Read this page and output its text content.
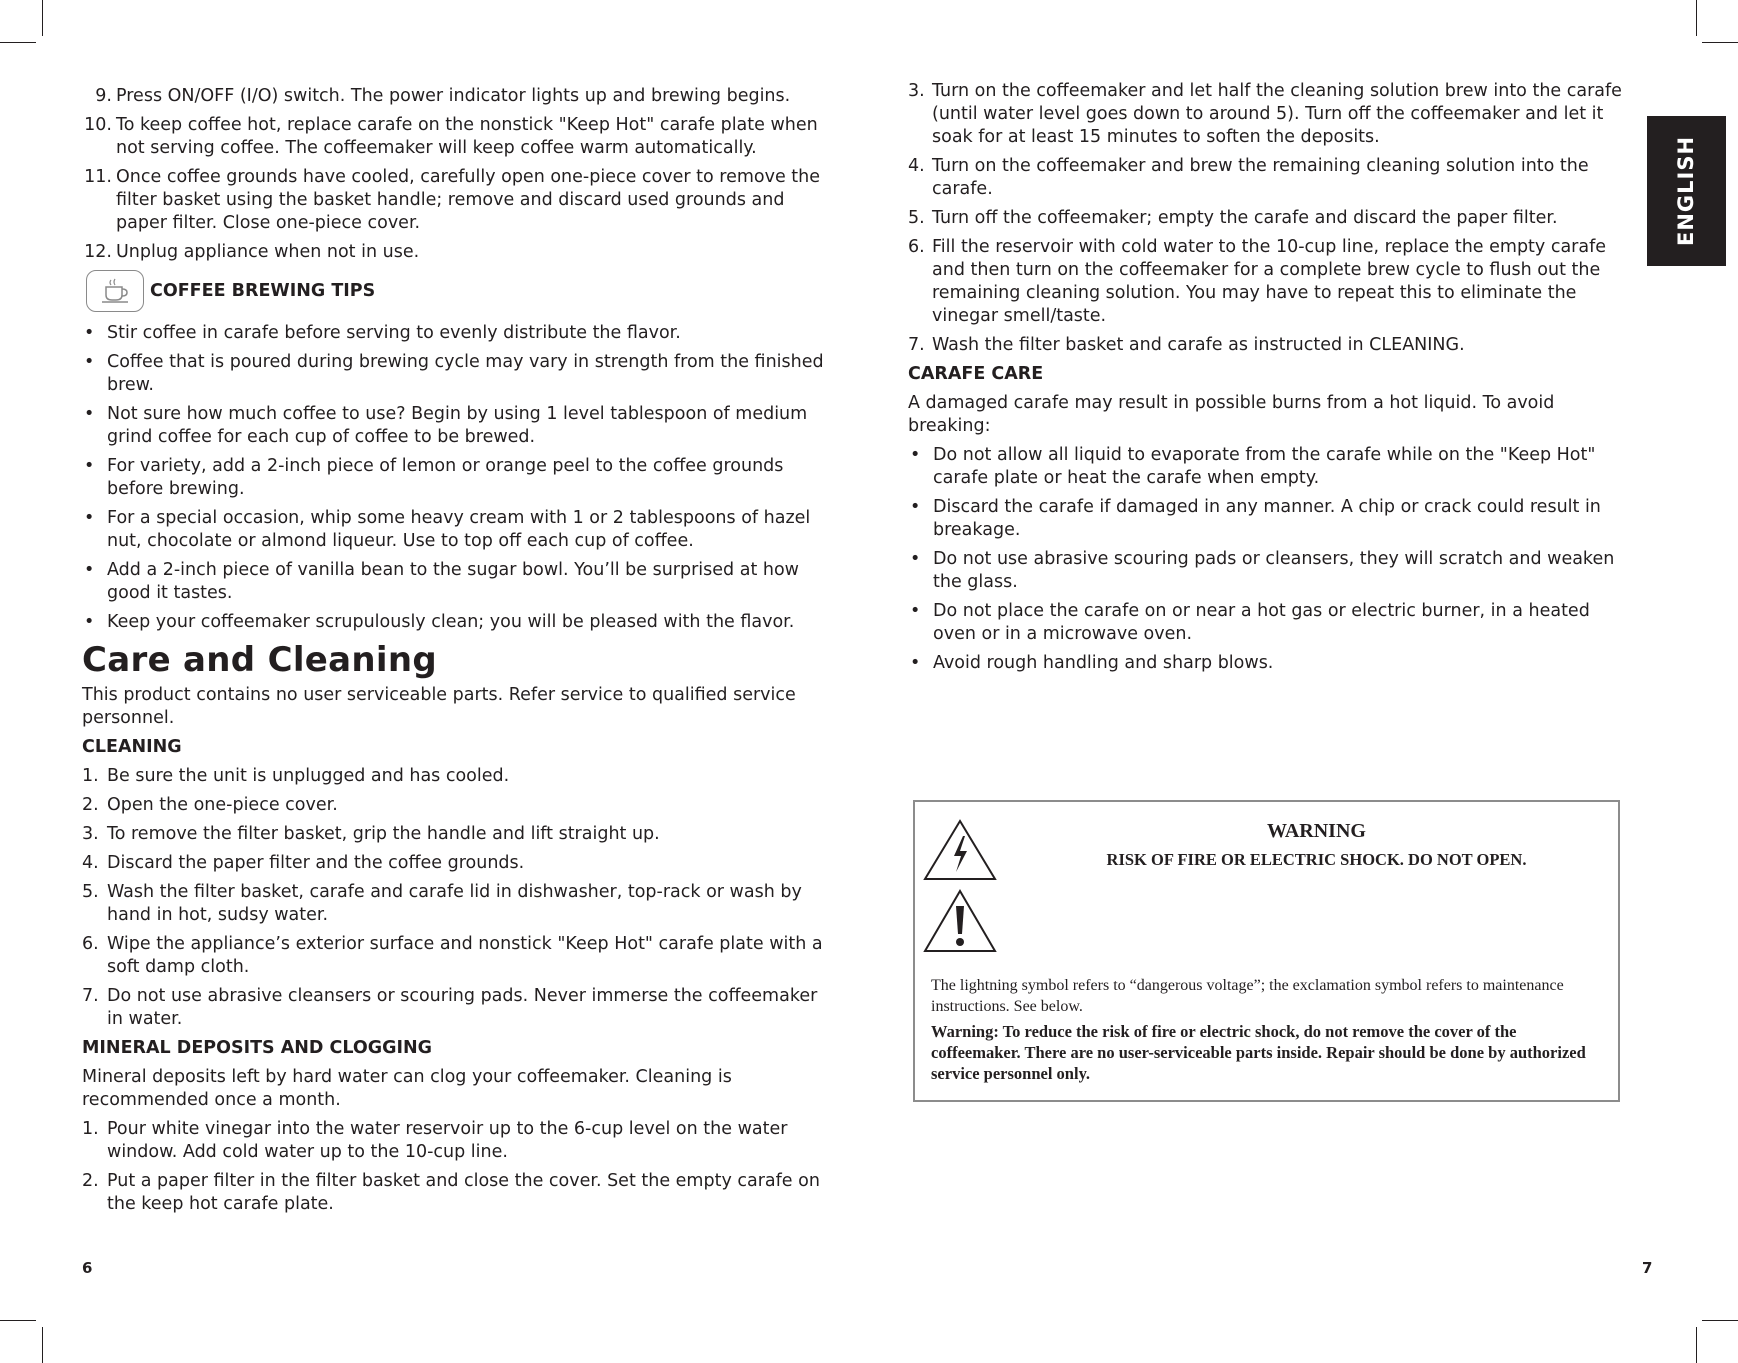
9. Press ON/OFF (I/O) switch. The power indicator lights up and brewing begins.
10. To keep coffee hot, replace carafe on the nonstick "Keep Hot" carafe plate when not serving coffee. The coffeemaker will keep coffee warm automatically.
11. Once coffee grounds have cooled, carefully open one-piece cover to remove the filter basket using the basket handle; remove and discard used grounds and paper filter. Close one-piece cover.
12. Unplug appliance when not in use.
COFFEE BREWING TIPS
• Stir coffee in carafe before serving to evenly distribute the flavor.
• Coffee that is poured during brewing cycle may vary in strength from the finished brew.
• Not sure how much coffee to use? Begin by using 1 level tablespoon of medium grind coffee for each cup of coffee to be brewed.
• For variety, add a 2-inch piece of lemon or orange peel to the coffee grounds before brewing.
• For a special occasion, whip some heavy cream with 1 or 2 tablespoons of hazel nut, chocolate or almond liqueur. Use to top off each cup of coffee.
• Add a 2-inch piece of vanilla bean to the sugar bowl. You’ll be surprised at how good it tastes.
• Keep your coffeemaker scrupulously clean; you will be pleased with the flavor.
Care and Cleaning

This product contains no user serviceable parts. Refer service to qualified service personnel.

CLEANING
1. Be sure the unit is unplugged and has cooled.
2. Open the one-piece cover.
3. To remove the filter basket, grip the handle and lift straight up.
4. Discard the paper filter and the coffee grounds.
5. Wash the filter basket, carafe and carafe lid in dishwasher, top-rack or wash by hand in hot, sudsy water.
6. Wipe the appliance’s exterior surface and nonstick "Keep Hot" carafe plate with a soft damp cloth.
7. Do not use abrasive cleansers or scouring pads. Never immerse the coffeemaker in water.
MINERAL DEPOSITS AND CLOGGING

Mineral deposits left by hard water can clog your coffeemaker. Cleaning is recommended once a month.

1. Pour white vinegar into the water reservoir up to the 6-cup level on the water window. Add cold water up to the 10-cup line.
2. Put a paper filter in the filter basket and close the cover. Set the empty carafe on the keep hot carafe plate.
3. Turn on the coffeemaker and let half the cleaning solution brew into the carafe (until water level goes down to around 5). Turn off the coffeemaker and let it soak for at least 15 minutes to soften the deposits.
4. Turn on the coffeemaker and brew the remaining cleaning solution into the carafe.
5. Turn off the coffeemaker; empty the carafe and discard the paper filter.
6. Fill the reservoir with cold water to the 10-cup line, replace the empty carafe and then turn on the coffeemaker for a complete brew cycle to flush out the remaining cleaning solution. You may have to repeat this to eliminate the vinegar smell/taste.
7. Wash the filter basket and carafe as instructed in CLEANING.
CARAFE CARE

A damaged carafe may result in possible burns from a hot liquid. To avoid breaking:

• Do not allow all liquid to evaporate from the carafe while on the "Keep Hot" carafe plate or heat the carafe when empty.
• Discard the carafe if damaged in any manner. A chip or crack could result in breakage.
• Do not use abrasive scouring pads or cleansers, they will scratch and weaken the glass.
• Do not place the carafe on or near a hot gas or electric burner, in a heated oven or in a microwave oven.
• Avoid rough handling and sharp blows.
ENGLISH
WARNING
RISK OF FIRE OR ELECTRIC SHOCK. DO NOT OPEN.
The lightning symbol refers to “dangerous voltage”; the exclamation symbol refers to maintenance instructions. See below.
Warning: To reduce the risk of fire or electric shock, do not remove the cover of the coffeemaker. There are no user-serviceable parts inside. Repair should be done by authorized service personnel only.
6	7
